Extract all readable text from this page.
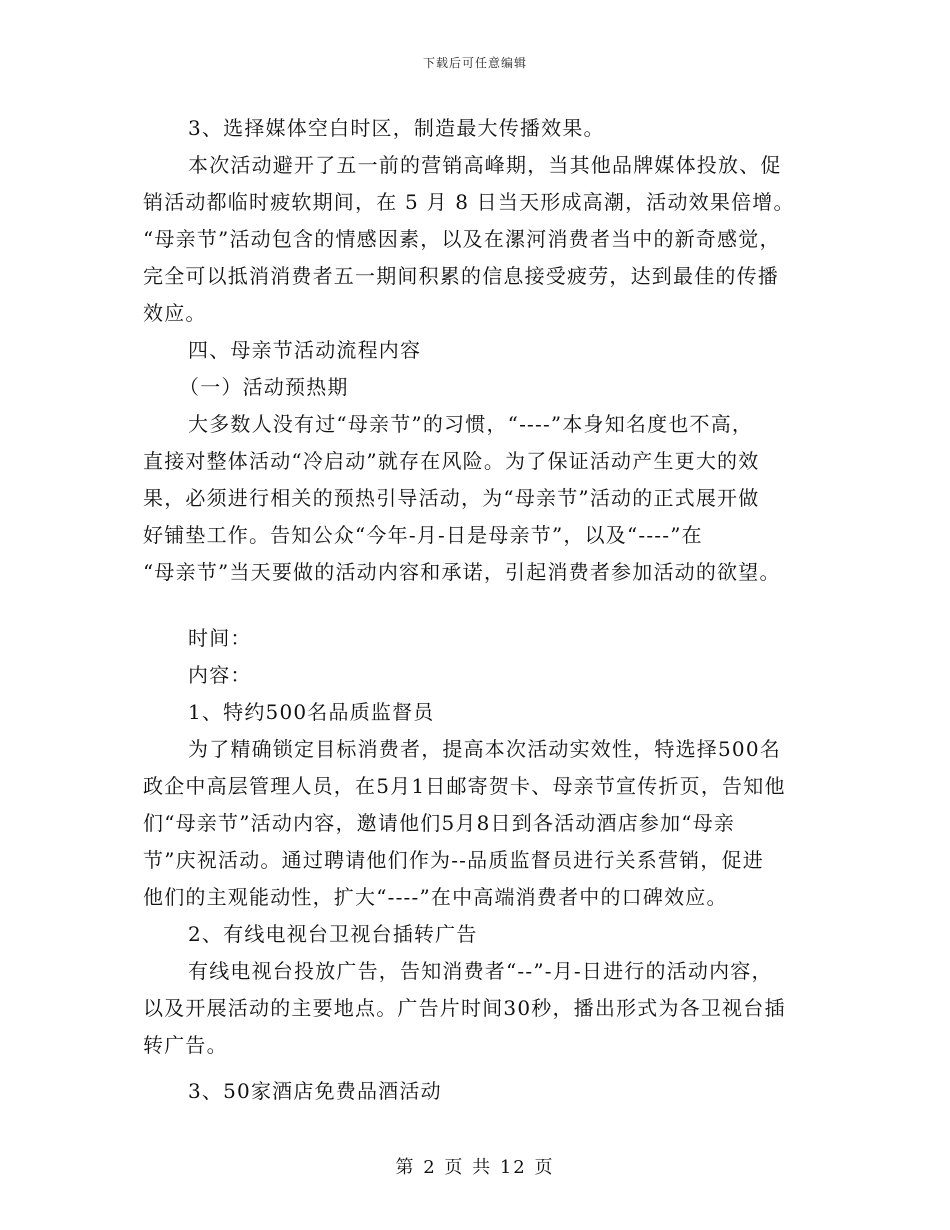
下载后可任意编辑
3、选择媒体空白时区，制造最大传播效果。
本次活动避开了五一前的营销高峰期，当其他品牌媒体投放、促
销活动都临时疲软期间，在 5 月 8 日当天形成高潮，活动效果倍增。
“母亲节”活动包含的情感因素，以及在漯河消费者当中的新奇感觉，
完全可以抵消消费者五一期间积累的信息接受疲劳，达到最佳的传播
效应。
四、母亲节活动流程内容
（一）活动预热期
大多数人没有过“母亲节”的习惯，“----”本身知名度也不高，
直接对整体活动“冷启动”就存在风险。为了保证活动产生更大的效
果，必须进行相关的预热引导活动，为“母亲节”活动的正式展开做
好铺垫工作。告知公众“今年-月-日是母亲节”，以及“----”在
“母亲节”当天要做的活动内容和承诺，引起消费者参加活动的欲望。
时间：
内容：
1、特约500名品质监督员
为了精确锁定目标消费者，提高本次活动实效性，特选择500名
政企中高层管理人员，在5月1日邮寄贺卡、母亲节宣传折页，告知他
们“母亲节”活动内容，邀请他们5月8日到各活动酒店参加“母亲
节”庆祝活动。通过聘请他们作为--品质监督员进行关系营销，促进
他们的主观能动性，扩大“----”在中高端消费者中的口碑效应。
2、有线电视台卫视台插转广告
有线电视台投放广告，告知消费者“--”-月-日进行的活动内容，
以及开展活动的主要地点。广告片时间30秒，播出形式为各卫视台插
转广告。
3、50家酒店免费品酒活动
第 2 页 共 12 页
